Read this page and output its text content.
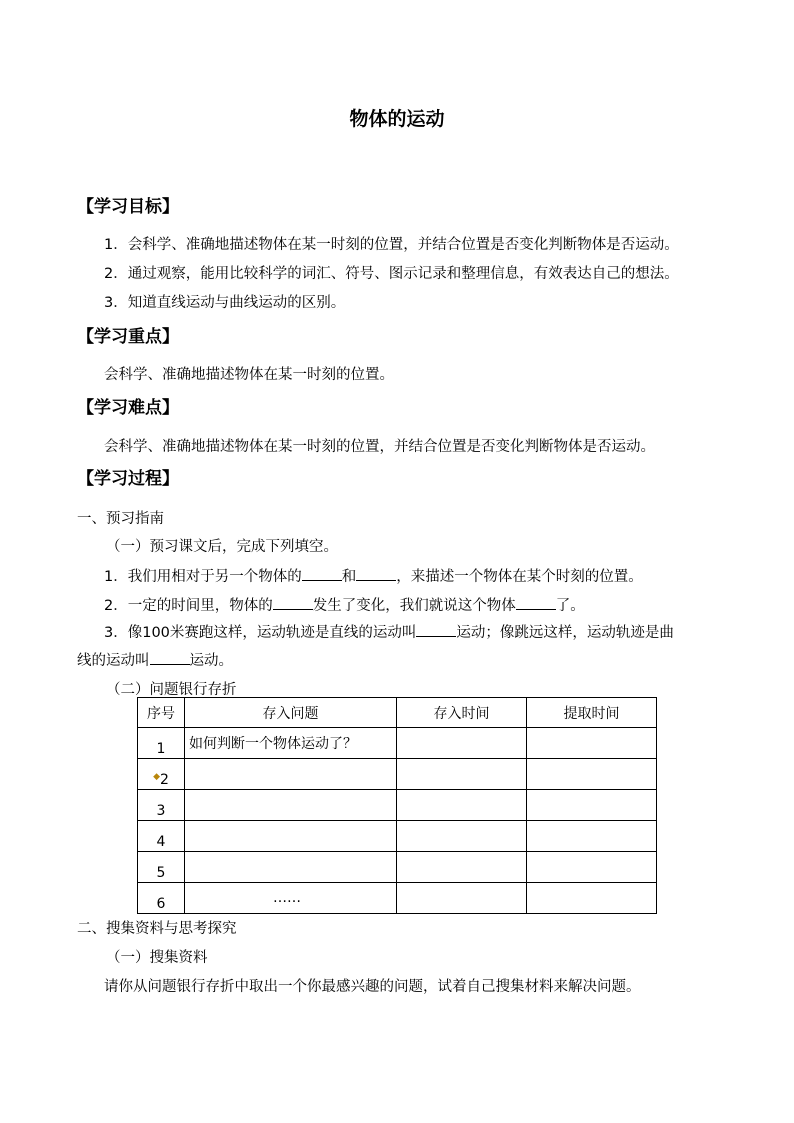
物体的运动
【学习目标】
1．会科学、准确地描述物体在某一时刻的位置，并结合位置是否变化判断物体是否运动。
2．通过观察，能用比较科学的词汇、符号、图示记录和整理信息，有效表达自己的想法。
3．知道直线运动与曲线运动的区别。
【学习重点】
会科学、准确地描述物体在某一时刻的位置。
【学习难点】
会科学、准确地描述物体在某一时刻的位置，并结合位置是否变化判断物体是否运动。
【学习过程】
一、预习指南
（一）预习课文后，完成下列填空。
1．我们用相对于另一个物体的	和	，来描述一个物体在某个时刻的位置。
2．一定的时间里，物体的	发生了变化，我们就说这个物体	了。
3．像100米赛跑这样，运动轨迹是直线的运动叫	运动；像跳远这样，运动轨迹是曲
线的运动叫	运动。
（二）问题银行存折
序号	存入问题	存入时间	提取时间
1	如何判断一个物体运动了？		
◆2			
3			
4			
5			
6	……		
二、搜集资料与思考探究
（一）搜集资料
请你从问题银行存折中取出一个你最感兴趣的问题，试着自己搜集材料来解决问题。
